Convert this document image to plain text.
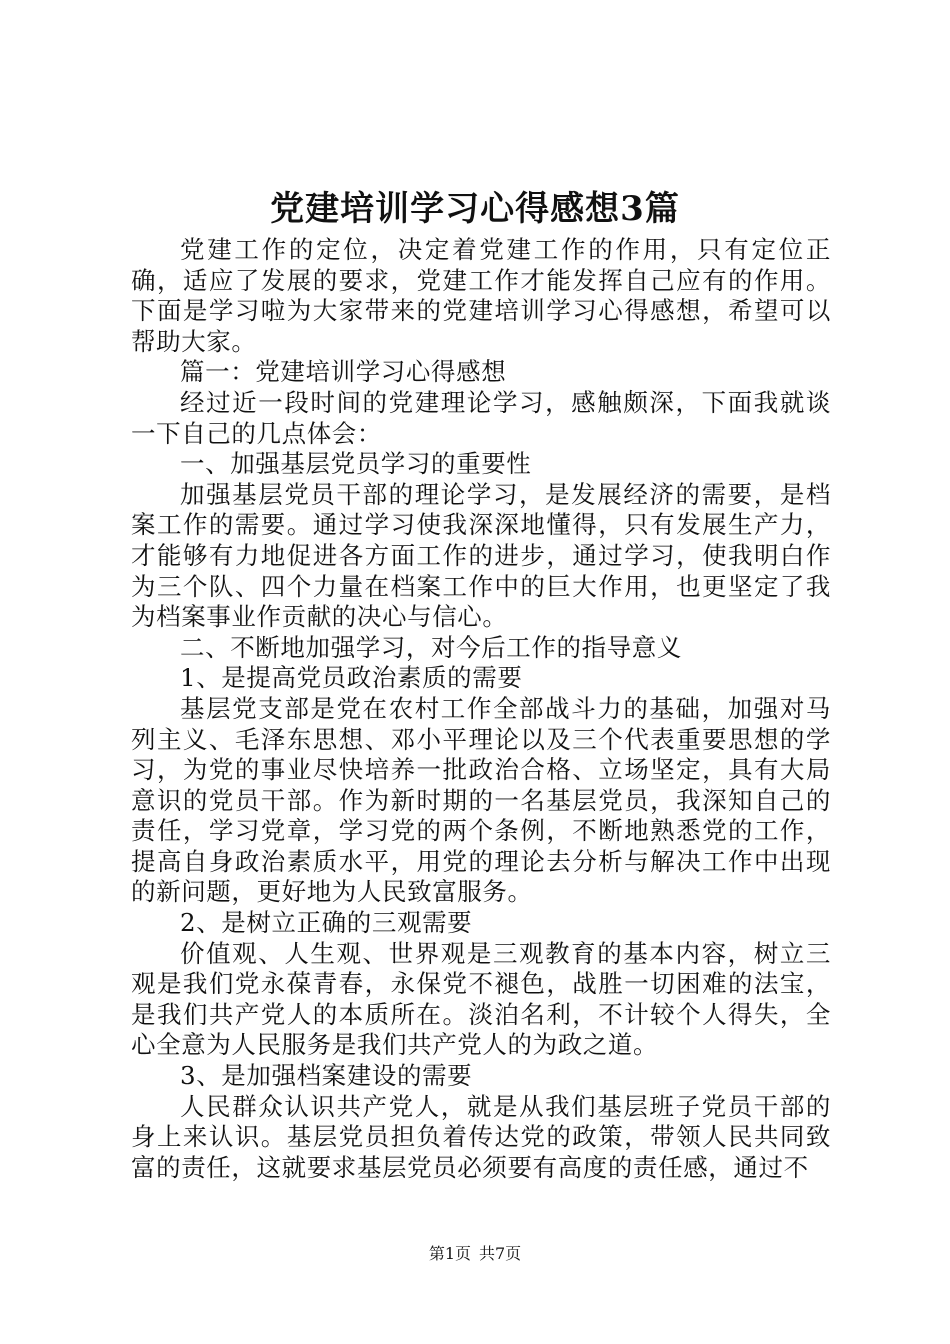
党建培训学习心得感想3篇

党建工作的定位，决定着党建工作的作用，只有定位正确，适应了发展的要求，党建工作才能发挥自己应有的作用。下面是学习啦为大家带来的党建培训学习心得感想，希望可以帮助大家。

篇一：党建培训学习心得感想

经过近一段时间的党建理论学习，感触颇深，下面我就谈一下自己的几点体会：

一、加强基层党员学习的重要性

加强基层党员干部的理论学习，是发展经济的需要，是档案工作的需要。通过学习使我深深地懂得，只有发展生产力，才能够有力地促进各方面工作的进步，通过学习，使我明白作为三个队、四个力量在档案工作中的巨大作用，也更坚定了我为档案事业作贡献的决心与信心。

二、不断地加强学习，对今后工作的指导意义

1、是提高党员政治素质的需要

基层党支部是党在农村工作全部战斗力的基础，加强对马列主义、毛泽东思想、邓小平理论以及三个代表重要思想的学习，为党的事业尽快培养一批政治合格、立场坚定，具有大局意识的党员干部。作为新时期的一名基层党员，我深知自己的责任，学习党章，学习党的两个条例，不断地熟悉党的工作，提高自身政治素质水平，用党的理论去分析与解决工作中出现的新问题，更好地为人民致富服务。

2、是树立正确的三观需要

价值观、人生观、世界观是三观教育的基本内容，树立三观是我们党永葆青春，永保党不褪色，战胜一切困难的法宝，是我们共产党人的本质所在。淡泊名利，不计较个人得失，全心全意为人民服务是我们共产党人的为政之道。

3、是加强档案建设的需要

人民群众认识共产党人，就是从我们基层班子党员干部的身上来认识。基层党员担负着传达党的政策，带领人民共同致富的责任，这就要求基层党员必须要有高度的责任感，通过不

第1页 共7页
